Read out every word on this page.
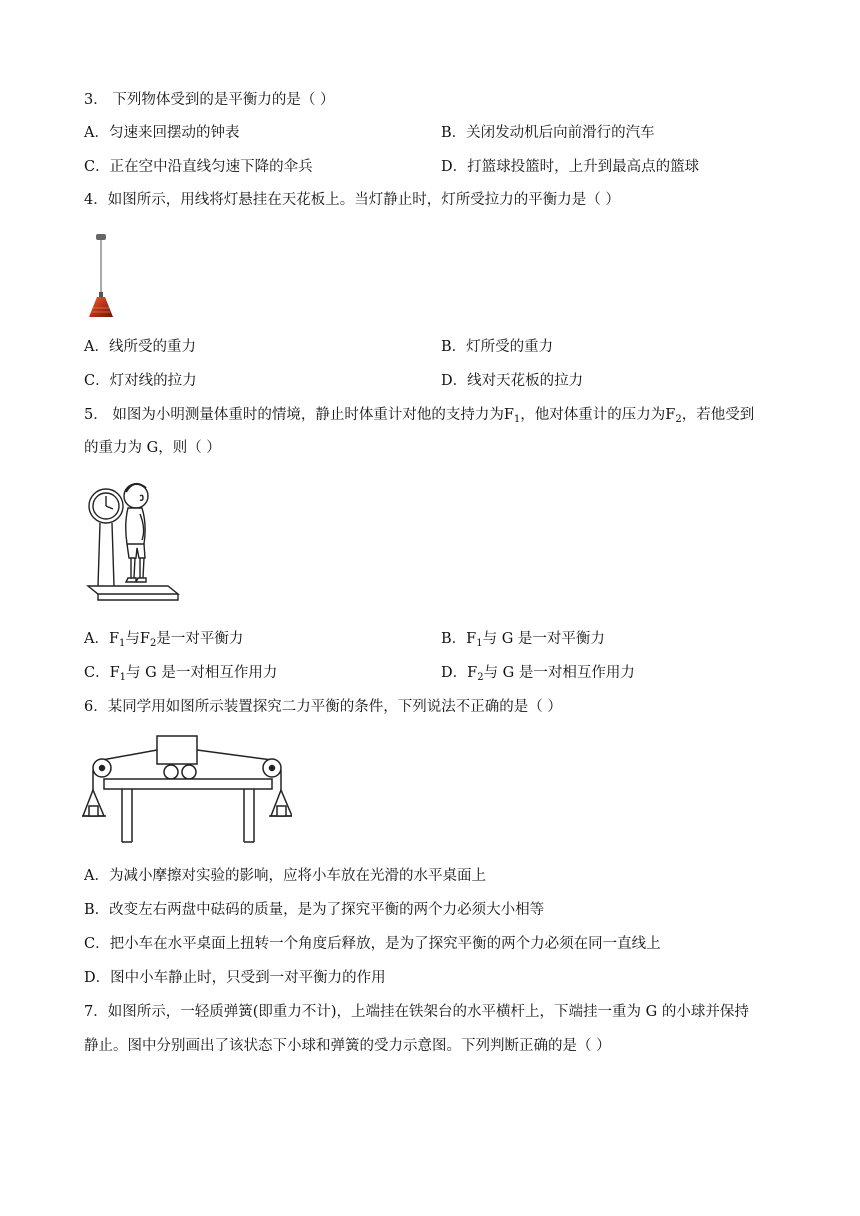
3． 下列物体受到的是平衡力的是（ ）
A．匀速来回摆动的钟表	B．关闭发动机后向前滑行的汽车
C．正在空中沿直线匀速下降的伞兵	D．打篮球投篮时，上升到最高点的篮球
4．如图所示，用线将灯悬挂在天花板上。当灯静止时，灯所受拉力的平衡力是（ ）
A．线所受的重力	B．灯所受的重力
C．灯对线的拉力	D．线对天花板的拉力
5． 如图为小明测量体重时的情境，静止时体重计对他的支持力为$F_1$，他对体重计的压力为$F_2$，若他受到
的重力为 G，则（ ）
A．$F_1$与$F_2$是一对平衡力	B．$F_1$与 G 是一对平衡力
C．$F_1$与 G 是一对相互作用力	D．$F_2$与 G 是一对相互作用力
6．某同学用如图所示装置探究二力平衡的条件，下列说法不正确的是（ ）
A．为减小摩擦对实验的影响，应将小车放在光滑的水平桌面上
B．改变左右两盘中砝码的质量，是为了探究平衡的两个力必须大小相等
C．把小车在水平桌面上扭转一个角度后释放，是为了探究平衡的两个力必须在同一直线上
D．图中小车静止时，只受到一对平衡力的作用
7．如图所示，一轻质弹簧(即重力不计)，上端挂在铁架台的水平横杆上，下端挂一重为 G 的小球并保持
静止。图中分别画出了该状态下小球和弹簧的受力示意图。下列判断正确的是（ ）
